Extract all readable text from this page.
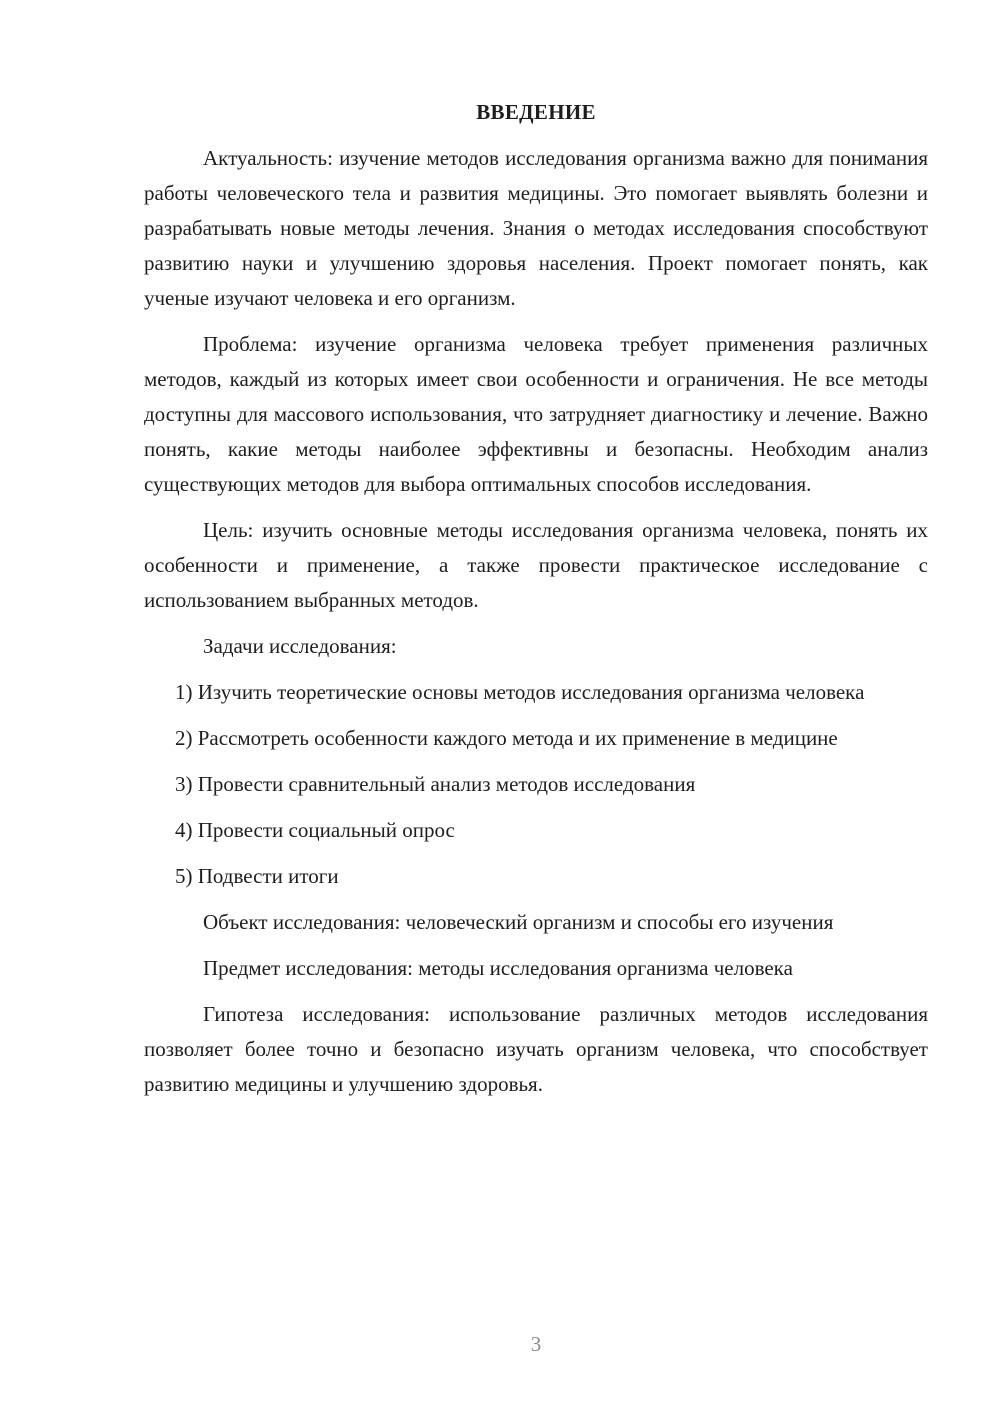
ВВЕДЕНИЕ

Актуальность: изучение методов исследования организма важно для понимания работы человеческого тела и развития медицины. Это помогает выявлять болезни и разрабатывать новые методы лечения. Знания о методах исследования способствуют развитию науки и улучшению здоровья населения. Проект помогает понять, как ученые изучают человека и его организм.

Проблема: изучение организма человека требует применения различных методов, каждый из которых имеет свои особенности и ограничения. Не все методы доступны для массового использования, что затрудняет диагностику и лечение. Важно понять, какие методы наиболее эффективны и безопасны. Необходим анализ существующих методов для выбора оптимальных способов исследования.

Цель: изучить основные методы исследования организма человека, понять их особенности и применение, а также провести практическое исследование с использованием выбранных методов.

Задачи исследования:

1) Изучить теоретические основы методов исследования организма человека

2) Рассмотреть особенности каждого метода и их применение в медицине

3) Провести сравнительный анализ методов исследования

4) Провести социальный опрос

5) Подвести итоги

Объект исследования: человеческий организм и способы его изучения

Предмет исследования: методы исследования организма человека

Гипотеза исследования: использование различных методов исследования позволяет более точно и безопасно изучать организм человека, что способствует развитию медицины и улучшению здоровья.

3
